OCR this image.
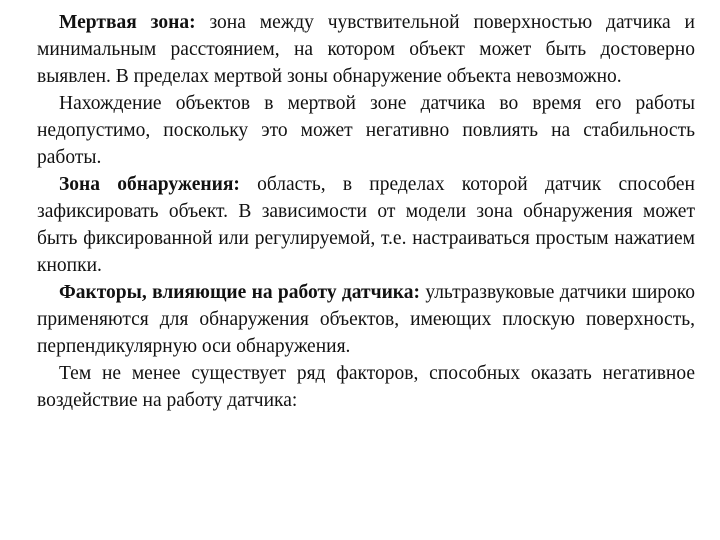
Мертвая зона: зона между чувствительной поверхностью датчика и минимальным расстоянием, на котором объект может быть достоверно выявлен. В пределах мертвой зоны обнаружение объекта невозможно.

Нахождение объектов в мертвой зоне датчика во время его работы недопустимо, поскольку это может негативно повлиять на стабильность работы.

Зона обнаружения: область, в пределах которой датчик способен зафиксировать объект. В зависимости от модели зона обнаружения может быть фиксированной или регулируемой, т.е. настраиваться простым нажатием кнопки.

Факторы, влияющие на работу датчика: ультразвуковые датчики широко применяются для обнаружения объектов, имеющих плоскую поверхность, перпендикулярную оси обнаружения.

Тем не менее существует ряд факторов, способных оказать негативное воздействие на работу датчика:
